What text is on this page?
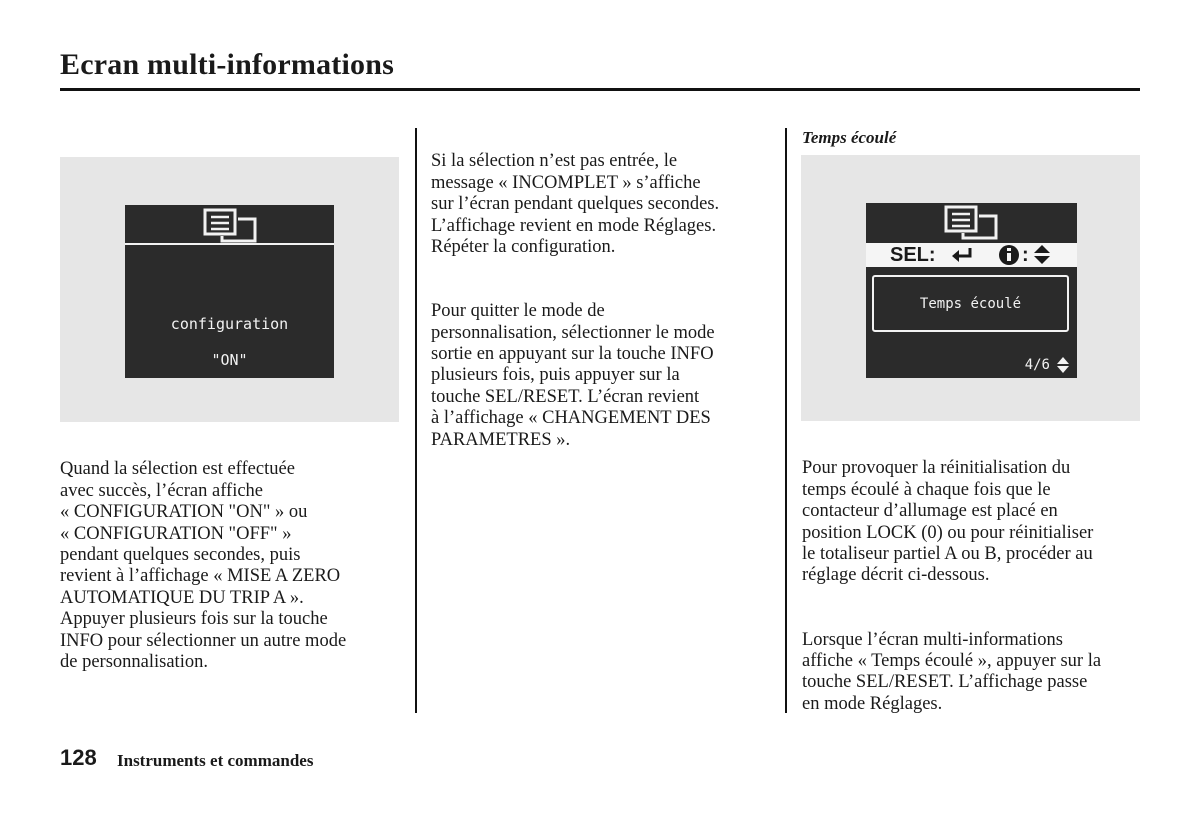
Ecran multi-informations

configuration

"ON"

Quand la sélection est effectuée
avec succès, l’écran affiche
« CONFIGURATION "ON" » ou
« CONFIGURATION "OFF" »
pendant quelques secondes, puis
revient à l’affichage « MISE A ZERO
AUTOMATIQUE DU TRIP A ».
Appuyer plusieurs fois sur la touche
INFO pour sélectionner un autre mode
de personnalisation.

Si la sélection n’est pas entrée, le
message « INCOMPLET » s’affiche
sur l’écran pendant quelques secondes.
L’affichage revient en mode Réglages.
Répéter la configuration.

Pour quitter le mode de
personnalisation, sélectionner le mode
sortie en appuyant sur la touche INFO
plusieurs fois, puis appuyer sur la
touche SEL/RESET. L’écran revient
à l’affichage « CHANGEMENT DES
PARAMETRES ».

Temps écoulé
SEL:	:
Temps écoulé
4/6

Pour provoquer la réinitialisation du
temps écoulé à chaque fois que le
contacteur d’allumage est placé en
position LOCK (0) ou pour réinitialiser
le totaliseur partiel A ou B, procéder au
réglage décrit ci-dessous.

Lorsque l’écran multi-informations
affiche « Temps écoulé », appuyer sur la
touche SEL/RESET. L’affichage passe
en mode Réglages.

128 Instruments et commandes
